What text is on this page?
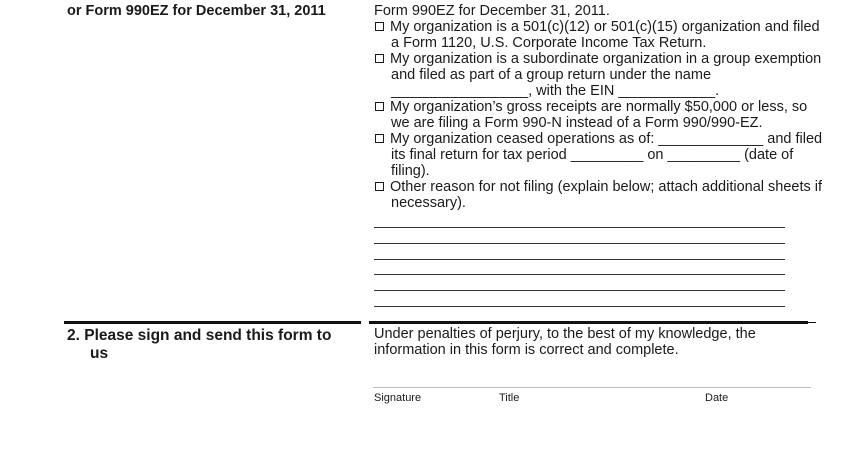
or Form 990EZ for December 31, 2011	Form 990EZ for December 31, 2011.
My organization is a 501(c)(12) or 501(c)(15) organization and filed
a Form 1120, U.S. Corporate Income Tax Return.
My organization is a subordinate organization in a group exemption
and filed as part of a group return under the name
_________________, with the EIN ____________.
My organization’s gross receipts are normally $50,000 or less, so
we are filing a Form 990-N instead of a Form 990/990-EZ.
My organization ceased operations as of: _____________ and filed
its final return for tax period _________ on _________ (date of
filing).
Other reason for not filing (explain below; attach additional sheets if
necessary).
2. Please sign and send this form to
us
Under penalties of perjury, to the best of my knowledge, the
information in this form is correct and complete.
Signature	Title	Date
